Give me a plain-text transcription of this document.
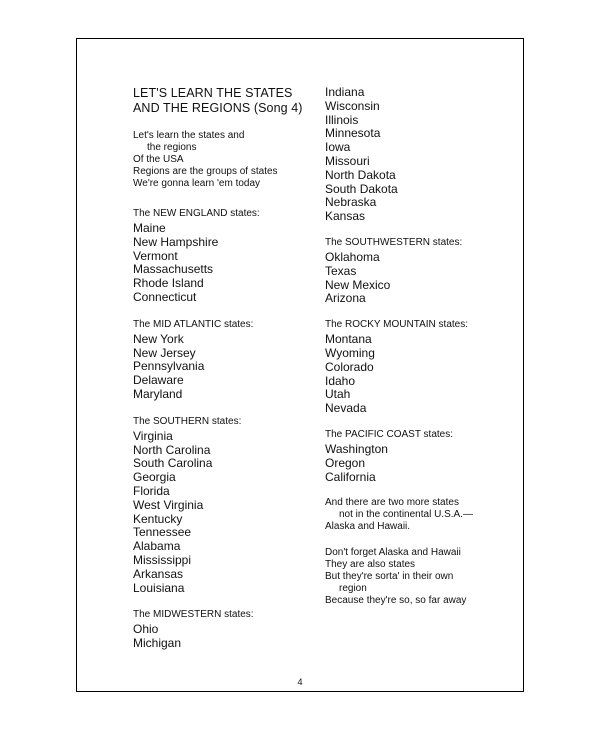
LET'S LEARN THE STATES
AND THE REGIONS (Song 4)
Let's learn the states and
the regions
Of the USA
Regions are the groups of states
We're gonna learn 'em today

The NEW ENGLAND states:

Maine

New Hampshire

Vermont

Massachusetts

Rhode Island

Connecticut

The MID ATLANTIC states:

New York

New Jersey

Pennsylvania

Delaware

Maryland

The SOUTHERN states:

Virginia

North Carolina

South Carolina

Georgia

Florida

West Virginia

Kentucky

Tennessee

Alabama

Mississippi

Arkansas

Louisiana

The MIDWESTERN states:

Ohio

Michigan

Indiana

Wisconsin

Illinois

Minnesota

Iowa

Missouri

North Dakota

South Dakota

Nebraska

Kansas

The SOUTHWESTERN states:

Oklahoma

Texas

New Mexico

Arizona

The ROCKY MOUNTAIN states:

Montana

Wyoming

Colorado

Idaho

Utah

Nevada

The PACIFIC COAST states:

Washington

Oregon

California

And there are two more states
not in the continental U.S.A.—
Alaska and Hawaii.
Don't forget Alaska and Hawaii
They are also states
But they're sorta' in their own
region
Because they're so, so far away
4
